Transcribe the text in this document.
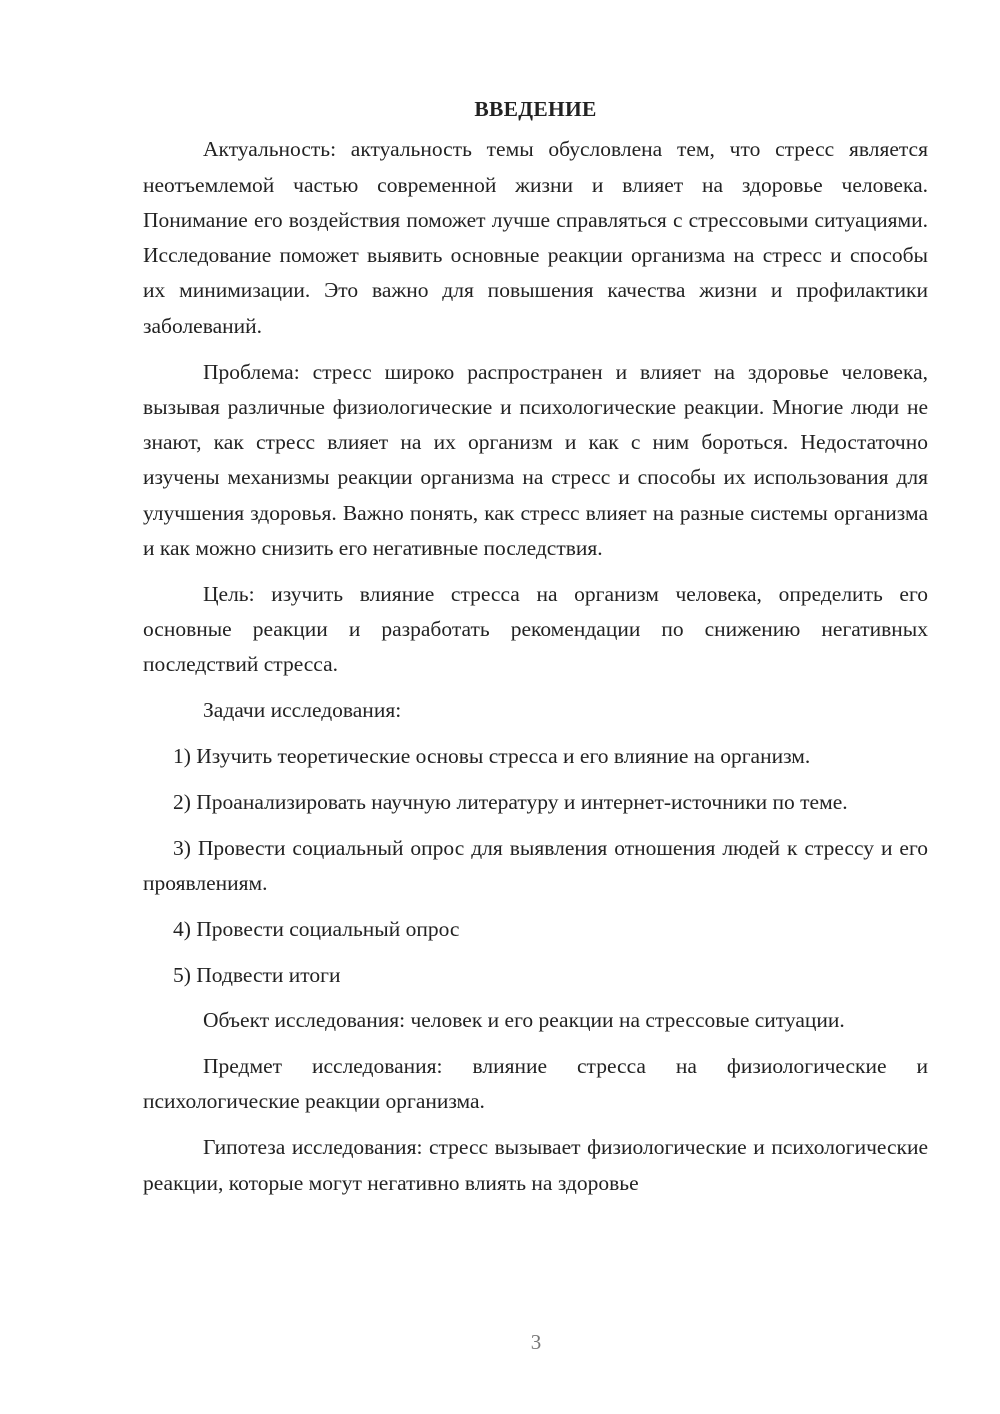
ВВЕДЕНИЕ

Актуальность: актуальность темы обусловлена тем, что стресс является неотъемлемой частью современной жизни и влияет на здоровье человека. Понимание его воздействия поможет лучше справляться с стрессовыми ситуациями. Исследование поможет выявить основные реакции организма на стресс и способы их минимизации. Это важно для повышения качества жизни и профилактики заболеваний.

Проблема: стресс широко распространен и влияет на здоровье человека, вызывая различные физиологические и психологические реакции. Многие люди не знают, как стресс влияет на их организм и как с ним бороться. Недостаточно изучены механизмы реакции организма на стресс и способы их использования для улучшения здоровья. Важно понять, как стресс влияет на разные системы организма и как можно снизить его негативные последствия.

Цель: изучить влияние стресса на организм человека, определить его основные реакции и разработать рекомендации по снижению негативных последствий стресса.

Задачи исследования:

1) Изучить теоретические основы стресса и его влияние на организм.

2) Проанализировать научную литературу и интернет-источники по теме.

3) Провести социальный опрос для выявления отношения людей к стрессу и его проявлениям.

4) Провести социальный опрос

5) Подвести итоги

Объект исследования: человек и его реакции на стрессовые ситуации.

Предмет исследования: влияние стресса на физиологические и психологические реакции организма.

Гипотеза исследования: стресс вызывает физиологические и психологические реакции, которые могут негативно влиять на здоровье

3
